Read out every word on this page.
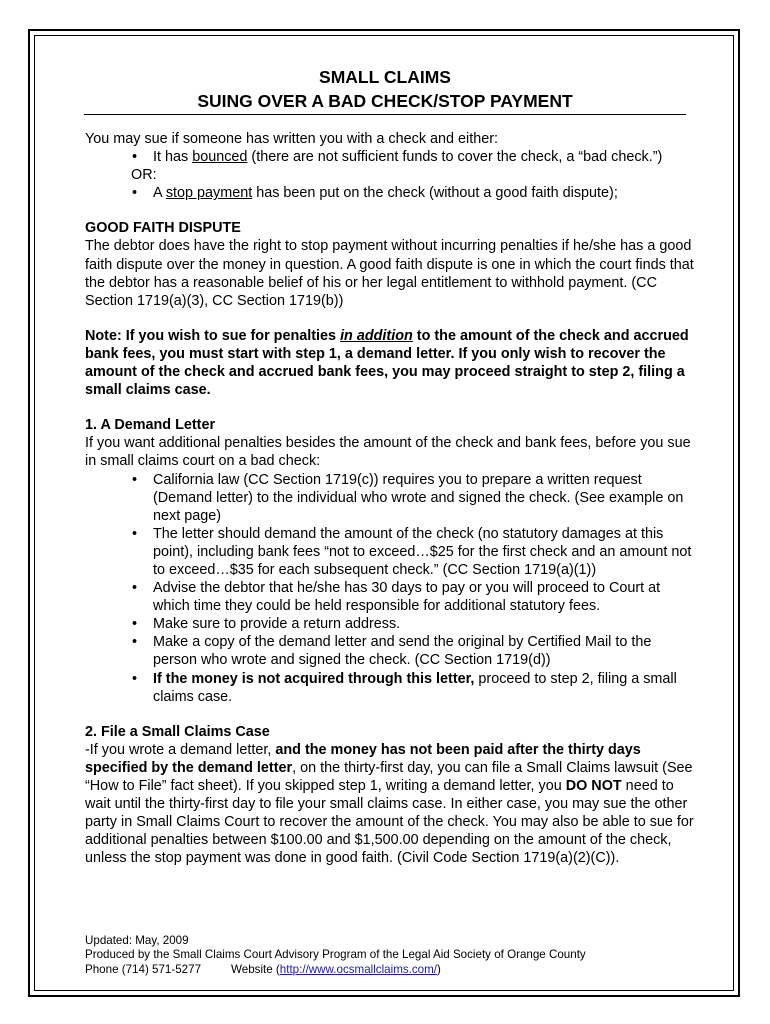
SMALL CLAIMS
SUING OVER A BAD CHECK/STOP PAYMENT

You may sue if someone has written you with a check and either:

• It has bounced (there are not sufficient funds to cover the check, a “bad check.”)

OR:

• A stop payment has been put on the check (without a good faith dispute);

GOOD FAITH DISPUTE

The debtor does have the right to stop payment without incurring penalties if he/she has a good faith dispute over the money in question. A good faith dispute is one in which the court finds that the debtor has a reasonable belief of his or her legal entitlement to withhold payment. (CC Section 1719(a)(3), CC Section 1719(b))

Note: If you wish to sue for penalties in addition to the amount of the check and accrued bank fees, you must start with step 1, a demand letter. If you only wish to recover the amount of the check and accrued bank fees, you may proceed straight to step 2, filing a small claims case.

1. A Demand Letter

If you want additional penalties besides the amount of the check and bank fees, before you sue in small claims court on a bad check:

• California law (CC Section 1719(c)) requires you to prepare a written request (Demand letter) to the individual who wrote and signed the check. (See example on next page)

• The letter should demand the amount of the check (no statutory damages at this point), including bank fees “not to exceed…$25 for the first check and an amount not to exceed…$35 for each subsequent check.” (CC Section 1719(a)(1))

• Advise the debtor that he/she has 30 days to pay or you will proceed to Court at which time they could be held responsible for additional statutory fees.

• Make sure to provide a return address.

• Make a copy of the demand letter and send the original by Certified Mail to the person who wrote and signed the check. (CC Section 1719(d))

• If the money is not acquired through this letter, proceed to step 2, filing a small claims case.

2. File a Small Claims Case

-If you wrote a demand letter, and the money has not been paid after the thirty days specified by the demand letter, on the thirty-first day, you can file a Small Claims lawsuit (See “How to File” fact sheet). If you skipped step 1, writing a demand letter, you DO NOT need to wait until the thirty-first day to file your small claims case. In either case, you may sue the other party in Small Claims Court to recover the amount of the check. You may also be able to sue for additional penalties between $100.00 and $1,500.00 depending on the amount of the check, unless the stop payment was done in good faith. (Civil Code Section 1719(a)(2)(C)).

Updated: May, 2009
Produced by the Small Claims Court Advisory Program of the Legal Aid Society of Orange County
Phone (714) 571-5277	Website (http://www.ocsmallclaims.com/)
